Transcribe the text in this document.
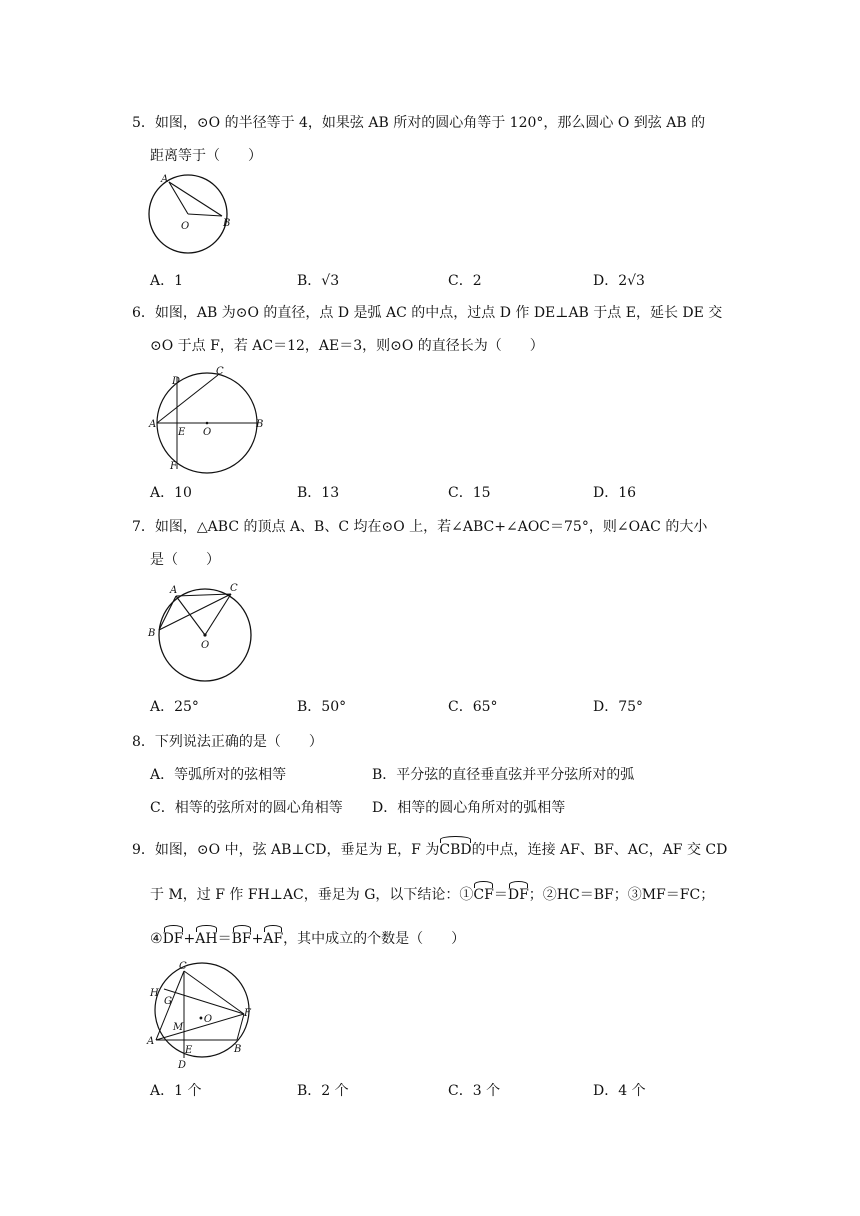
5．如图，⊙O 的半径等于 4，如果弦 AB 所对的圆心角等于 120°，那么圆心 O 到弦 AB 的
距离等于（　　）
A
O	B
A．1	B．√3	C．2	D．2√3
6．如图，AB 为⊙O 的直径，点 D 是弧 AC 的中点，过点 D 作 DE⊥AB 于点 E，延长 DE 交
⊙O 于点 F，若 AC＝12，AE＝3，则⊙O 的直径长为（　　）
D
C
A
E O
B
F
A．10	B．13	C．15	D．16
7．如图，△ABC 的顶点 A、B、C 均在⊙O 上，若∠ABC+∠AOC＝75°，则∠OAC 的大小
是（　　）
A	C
B
O
A．25°	B．50°	C．65°	D．75°
8．下列说法正确的是（　　）
A．等弧所对的弦相等	B．平分弦的直径垂直弦并平分弦所对的弧
C．相等的弦所对的圆心角相等 D．相等的圆心角所对的弧相等
9．如图，⊙O 中，弦 AB⊥CD，垂足为 E，F 为CBD的中点，连接 AF、BF、AC，AF 交 CD
于 M，过 F 作 FH⊥AC，垂足为 G，以下结论：①CF＝DF；②HC＝BF；③MF＝FC；
④DF+AH＝BF+AF，其中成立的个数是（　　）
C
H
G
•O
F
M
A
E	B
D
A．1 个	B．2 个	C．3 个	D．4 个
